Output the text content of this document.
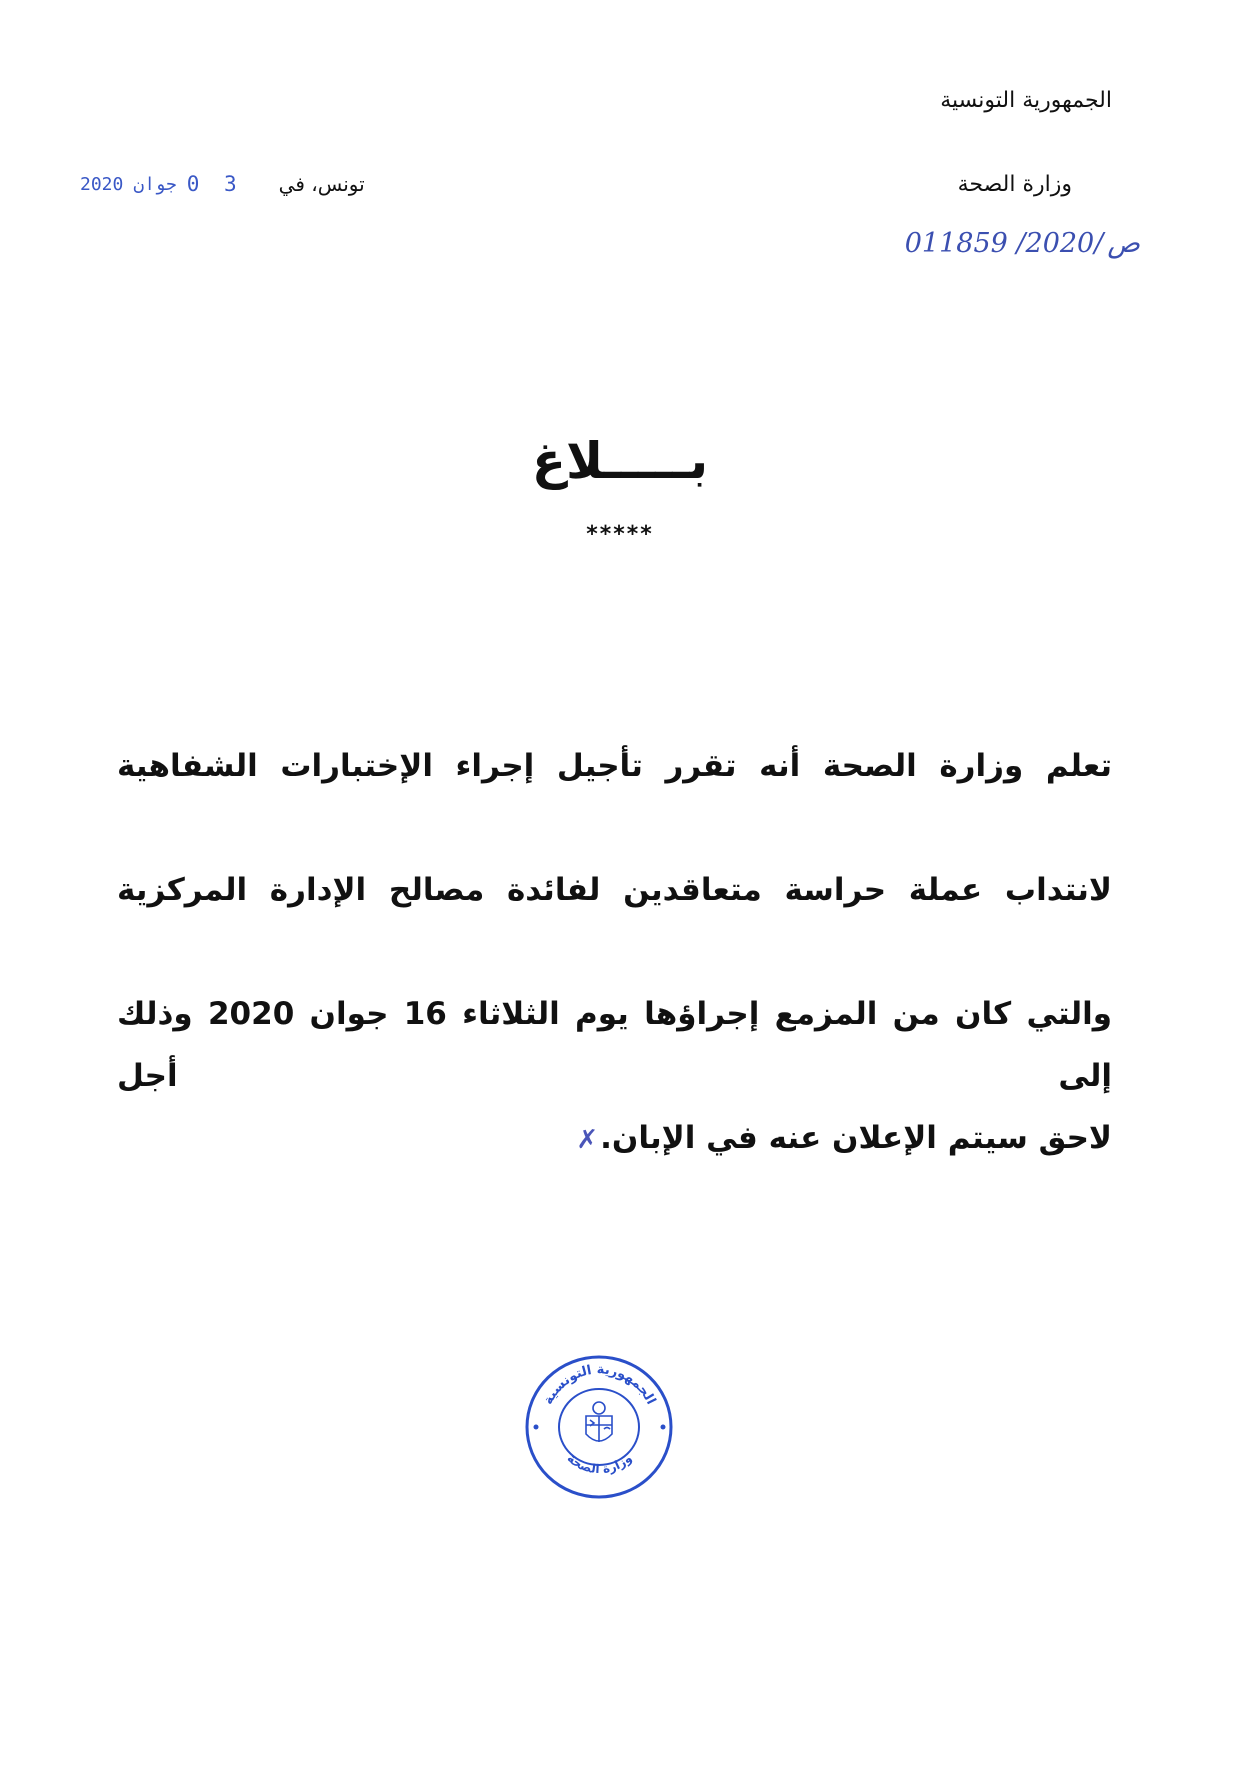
الجمهورية التونسية
وزارة الصحة
011859 /2020/ ص
2020 جوان 0 3 تونس، في
بـــــلاغ
*****
تعلم وزارة الصحة أنه تقرر تأجيل إجراء الإختبارات الشفاهية
لانتداب عملة حراسة متعاقدين لفائدة مصالح الإدارة المركزية
والتي كان من المزمع إجراؤها يوم الثلاثاء 16 جوان 2020 وذلك إلى أجل
لاحق سيتم الإعلان عنه في الإبان.✗
الجمهورية التونسية
وزارة الصحة
